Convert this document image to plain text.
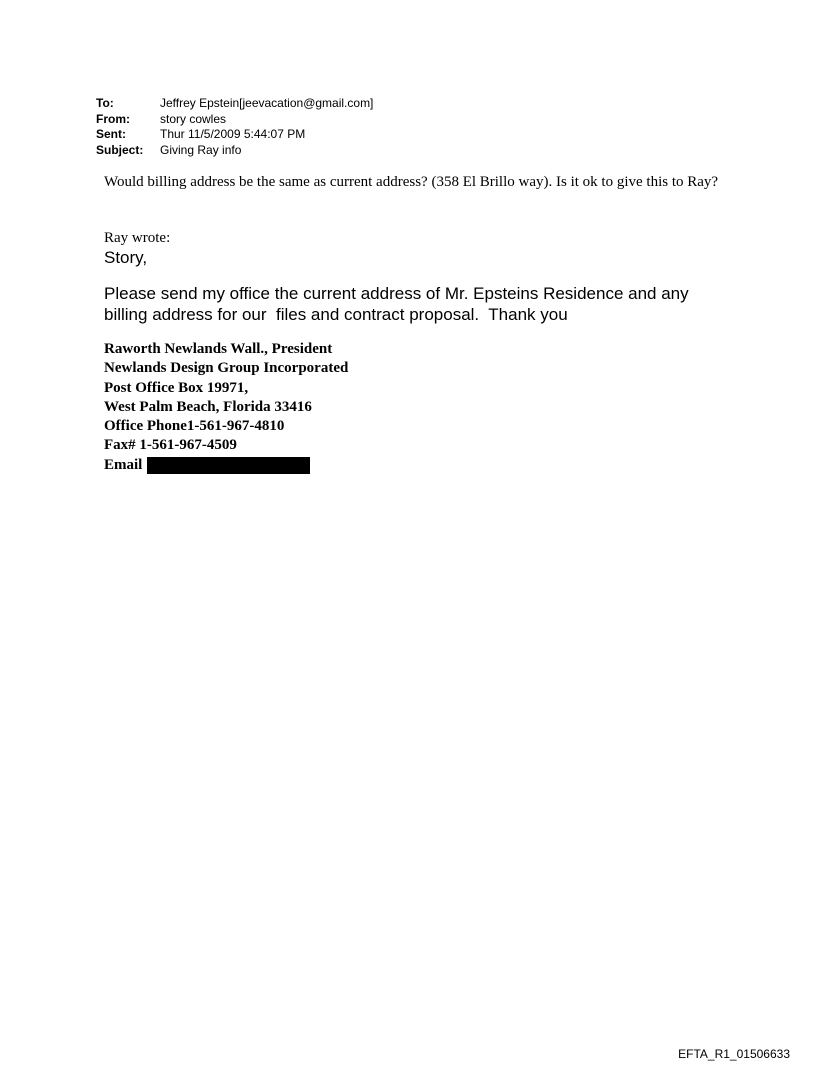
To:	Jeffrey Epstein[jeevacation@gmail.com]
From:	story cowles
Sent:	Thur 11/5/2009 5:44:07 PM
Subject:	Giving Ray info
Would billing address be the same as current address? (358 El Brillo way). Is it ok to give this to Ray?
Ray wrote:
Story,
Please send my office the current address of Mr. Epsteins Residence and any billing address for our  files and contract proposal.  Thank you
Raworth Newlands Wall., President
Newlands Design Group Incorporated
Post Office Box 19971,
West Palm Beach, Florida 33416
Office Phone1-561-967-4810
Fax# 1-561-967-4509
Email
EFTA_R1_01506633
